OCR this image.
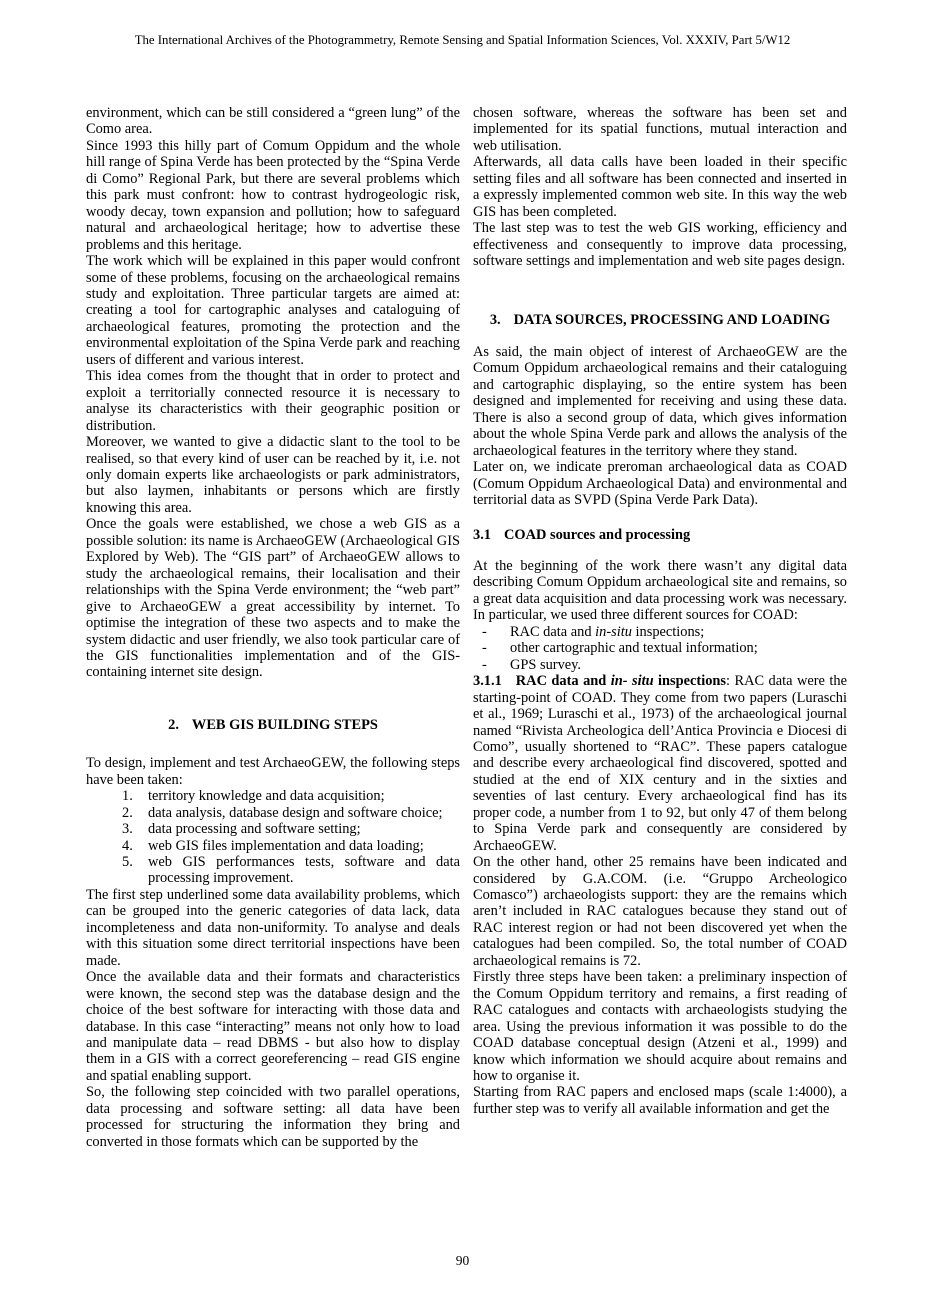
The International Archives of the Photogrammetry, Remote Sensing and Spatial Information Sciences, Vol. XXXIV, Part 5/W12

environment, which can be still considered a “green lung” of the Como area.

Since 1993 this hilly part of Comum Oppidum and the whole hill range of Spina Verde has been protected by the “Spina Verde di Como” Regional Park, but there are several problems which this park must confront: how to contrast hydrogeologic risk, woody decay, town expansion and pollution; how to safeguard natural and archaeological heritage; how to advertise these problems and this heritage.

The work which will be explained in this paper would confront some of these problems, focusing on the archaeological remains study and exploitation. Three particular targets are aimed at: creating a tool for cartographic analyses and cataloguing of archaeological features, promoting the protection and the environmental exploitation of the Spina Verde park and reaching users of different and various interest.

This idea comes from the thought that in order to protect and exploit a territorially connected resource it is necessary to analyse its characteristics with their geographic position or distribution.

Moreover, we wanted to give a didactic slant to the tool to be realised, so that every kind of user can be reached by it, i.e. not only domain experts like archaeologists or park administrators, but also laymen, inhabitants or persons which are firstly knowing this area.

Once the goals were established, we chose a web GIS as a possible solution: its name is ArchaeoGEW (Archaeological GIS Explored by Web). The “GIS part” of ArchaeoGEW allows to study the archaeological remains, their localisation and their relationships with the Spina Verde environment; the “web part” give to ArchaeoGEW a great accessibility by internet. To optimise the integration of these two aspects and to make the system didactic and user friendly, we also took particular care of the GIS functionalities implementation and of the GIS-containing internet site design.

2. WEB GIS BUILDING STEPS

To design, implement and test ArchaeoGEW, the following steps have been taken:

1.	territory knowledge and data acquisition;
2.	data analysis, database design and software choice;
3.	data processing and software setting;
4.	web GIS files implementation and data loading;
5.	web GIS performances tests, software and data processing improvement.

The first step underlined some data availability problems, which can be grouped into the generic categories of data lack, data incompleteness and data non-uniformity. To analyse and deals with this situation some direct territorial inspections have been made.

Once the available data and their formats and characteristics were known, the second step was the database design and the choice of the best software for interacting with those data and database. In this case “interacting” means not only how to load and manipulate data – read DBMS - but also how to display them in a GIS with a correct georeferencing – read GIS engine and spatial enabling support.

So, the following step coincided with two parallel operations, data processing and software setting: all data have been processed for structuring the information they bring and converted in those formats which can be supported by the

chosen software, whereas the software has been set and implemented for its spatial functions, mutual interaction and web utilisation.

Afterwards, all data calls have been loaded in their specific setting files and all software has been connected and inserted in a expressly implemented common web site. In this way the web GIS has been completed.

The last step was to test the web GIS working, efficiency and effectiveness and consequently to improve data processing, software settings and implementation and web site pages design.

3. DATA SOURCES, PROCESSING AND LOADING

As said, the main object of interest of ArchaeoGEW are the Comum Oppidum archaeological remains and their cataloguing and cartographic displaying, so the entire system has been designed and implemented for receiving and using these data. There is also a second group of data, which gives information about the whole Spina Verde park and allows the analysis of the archaeological features in the territory where they stand.

Later on, we indicate preroman archaeological data as COAD (Comum Oppidum Archaeological Data) and environmental and territorial data as SVPD (Spina Verde Park Data).

3.1 COAD sources and processing

At the beginning of the work there wasn’t any digital data describing Comum Oppidum archaeological site and remains, so a great data acquisition and data processing work was necessary. In particular, we used three different sources for COAD:

-	RAC data and in-situ inspections;
-	other cartographic and textual information;
-	GPS survey.

3.1.1 RAC data and in- situ inspections: RAC data were the starting-point of COAD. They come from two papers (Luraschi et al., 1969; Luraschi et al., 1973) of the archaeological journal named “Rivista Archeologica dell’Antica Provincia e Diocesi di Como”, usually shortened to “RAC”. These papers catalogue and describe every archaeological find discovered, spotted and studied at the end of XIX century and in the sixties and seventies of last century. Every archaeological find has its proper code, a number from 1 to 92, but only 47 of them belong to Spina Verde park and consequently are considered by ArchaeoGEW.

On the other hand, other 25 remains have been indicated and considered by G.A.COM. (i.e. “Gruppo Archeologico Comasco”) archaeologists support: they are the remains which aren’t included in RAC catalogues because they stand out of RAC interest region or had not been discovered yet when the catalogues had been compiled. So, the total number of COAD archaeological remains is 72.

Firstly three steps have been taken: a preliminary inspection of the Comum Oppidum territory and remains, a first reading of RAC catalogues and contacts with archaeologists studying the area. Using the previous information it was possible to do the COAD database conceptual design (Atzeni et al., 1999) and know which information we should acquire about remains and how to organise it.

Starting from RAC papers and enclosed maps (scale 1:4000), a further step was to verify all available information and get the

90
